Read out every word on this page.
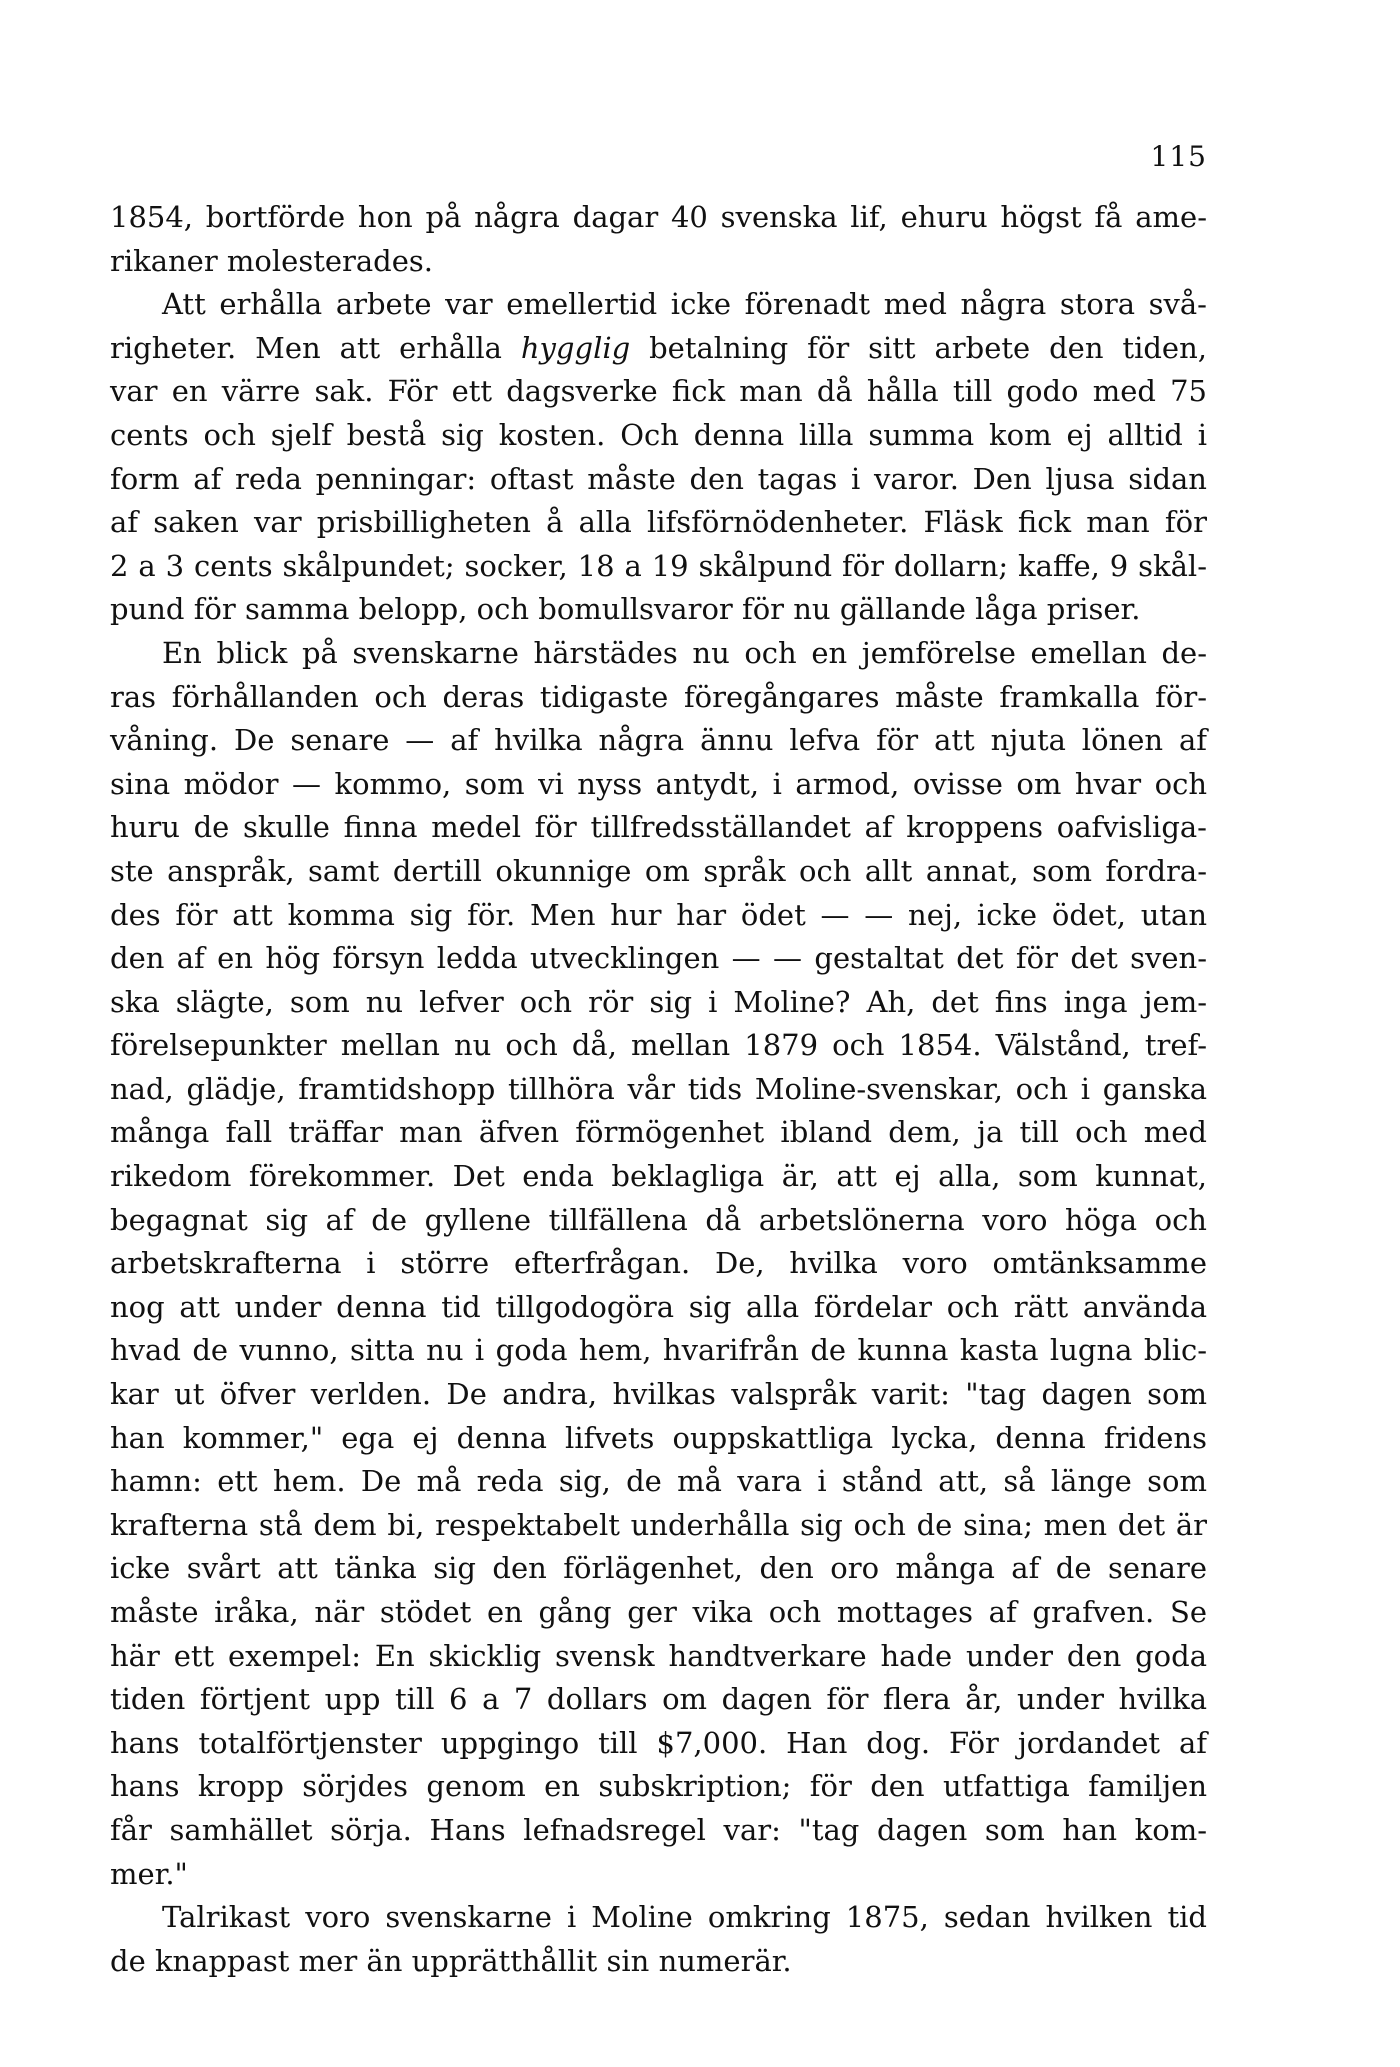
115
1854, bortförde hon på några dagar 40 svenska lif, ehuru högst få ame-
rikaner molesterades.
Att erhålla arbete var emellertid icke förenadt med några stora svå-
righeter. Men att erhålla hygglig betalning för sitt arbete den tiden,
var en värre sak. För ett dagsverke fick man då hålla till godo med 75
cents och sjelf bestå sig kosten. Och denna lilla summa kom ej alltid i
form af reda penningar: oftast måste den tagas i varor. Den ljusa sidan
af saken var prisbilligheten å alla lifsförnödenheter. Fläsk fick man för
2 a 3 cents skålpundet; socker, 18 a 19 skålpund för dollarn; kaffe, 9 skål-
pund för samma belopp, och bomullsvaror för nu gällande låga priser.
En blick på svenskarne härstädes nu och en jemförelse emellan de-
ras förhållanden och deras tidigaste föregångares måste framkalla för-
våning. De senare — af hvilka några ännu lefva för att njuta lönen af
sina mödor — kommo, som vi nyss antydt, i armod, ovisse om hvar och
huru de skulle finna medel för tillfredsställandet af kroppens oafvisliga-
ste anspråk, samt dertill okunnige om språk och allt annat, som fordra-
des för att komma sig för. Men hur har ödet — — nej, icke ödet, utan
den af en hög försyn ledda utvecklingen — — gestaltat det för det sven-
ska slägte, som nu lefver och rör sig i Moline? Ah, det fins inga jem-
förelsepunkter mellan nu och då, mellan 1879 och 1854. Välstånd, tref-
nad, glädje, framtidshopp tillhöra vår tids Moline-svenskar, och i ganska
många fall träffar man äfven förmögenhet ibland dem, ja till och med
rikedom förekommer. Det enda beklagliga är, att ej alla, som kunnat,
begagnat sig af de gyllene tillfällena då arbetslönerna voro höga och
arbetskrafterna i större efterfrågan. De, hvilka voro omtänksamme
nog att under denna tid tillgodogöra sig alla fördelar och rätt använda
hvad de vunno, sitta nu i goda hem, hvarifrån de kunna kasta lugna blic-
kar ut öfver verlden. De andra, hvilkas valspråk varit: "tag dagen som
han kommer," ega ej denna lifvets ouppskattliga lycka, denna fridens
hamn: ett hem. De må reda sig, de må vara i stånd att, så länge som
krafterna stå dem bi, respektabelt underhålla sig och de sina; men det är
icke svårt att tänka sig den förlägenhet, den oro många af de senare
måste iråka, när stödet en gång ger vika och mottages af grafven. Se
här ett exempel: En skicklig svensk handtverkare hade under den goda
tiden förtjent upp till 6 a 7 dollars om dagen för flera år, under hvilka
hans totalförtjenster uppgingo till $7,000. Han dog. För jordandet af
hans kropp sörjdes genom en subskription; för den utfattiga familjen
får samhället sörja. Hans lefnadsregel var: "tag dagen som han kom-
mer."
Talrikast voro svenskarne i Moline omkring 1875, sedan hvilken tid
de knappast mer än upprätthållit sin numerär.
